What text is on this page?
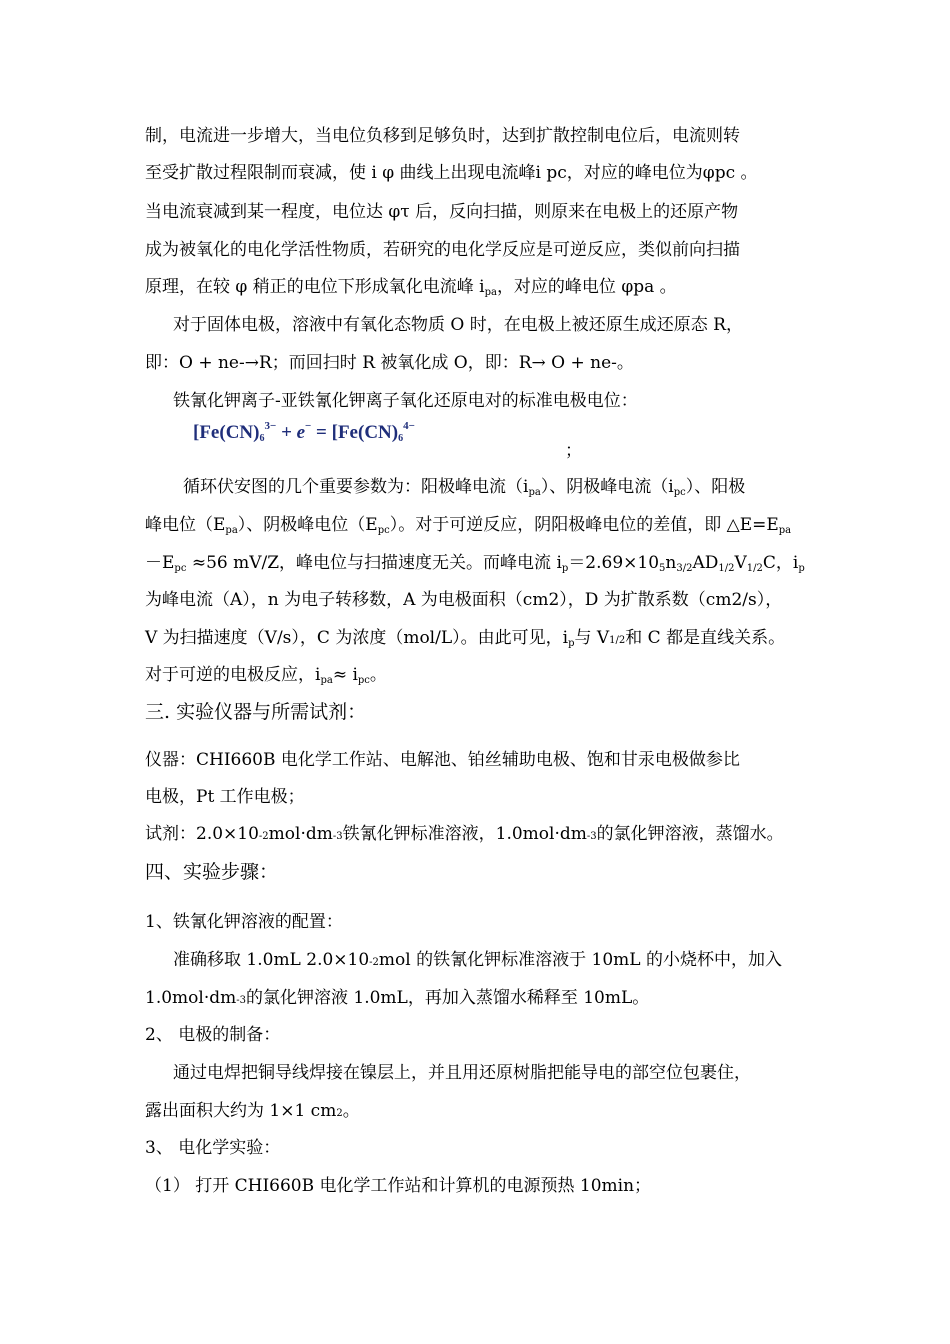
制，电流进一步增大，当电位负移到足够负时，达到扩散控制电位后，电流则转
至受扩散过程限制而衰减，使 i φ 曲线上出现电流峰i pc，对应的峰电位为φpc 。
当电流衰减到某一程度，电位达 φτ 后，反向扫描，则原来在电极上的还原产物
成为被氧化的电化学活性物质，若研究的电化学反应是可逆反应，类似前向扫描
原理，在较 φ 稍正的电位下形成氧化电流峰 $i_{pa}$，对应的峰电位 φpa 。
对于固体电极，溶液中有氧化态物质 O 时，在电极上被还原生成还原态 R，
即：O + ne-→R；而回扫时 R 被氧化成 O，即：R→ O + ne-。
铁氰化钾离子-亚铁氰化钾离子氧化还原电对的标准电极电位：
[$Fe(CN)_6^{3-} + e^- = [Fe(CN)_6^{4-}$
；
循环伏安图的几个重要参数为：阳极峰电流$(i_{pa})$、阴极峰电流$(i_{pc})$、阳极
峰电位$(E_{pa})$、阴极峰电位$(E_{pc})$。对于可逆反应，阴阳极峰电位的差值，即 $\triangle E=E_{pa}$
$-E_{pc} \approx 56$ mV/Z，峰电位与扫描速度无关。而峰电流 $i_p=2.69\times 10_5n_{3/2}AD_{1/2}V_{1/2}C$，$i_p$
为峰电流（A），n 为电子转移数，A 为电极面积（cm2），D 为扩散系数（cm2/s），
V 为扫描速度（V/s），C 为浓度（mol/L）。由此可见，$i_p$与 V1/2和 C 都是直线关系。
对于可逆的电极反应，$i_{pa}\approx i_{pc}$。
三. 实验仪器与所需试剂：
仪器：CHI660B 电化学工作站、电解池、铂丝辅助电极、饱和甘汞电极做参比
电极，Pt 工作电极；
试剂：2.0×10-2mol·dm-3铁氰化钾标准溶液，1.0mol·dm-3的氯化钾溶液，蒸馏水。
四、实验步骤：
1、铁氰化钾溶液的配置：
准确移取 1.0mL 2.0×10-2mol 的铁氰化钾标准溶液于 10mL 的小烧杯中，加入
1.0mol·dm-3的氯化钾溶液 1.0mL，再加入蒸馏水稀释至 10mL。
2、 电极的制备：
通过电焊把铜导线焊接在镍层上，并且用还原树脂把能导电的部空位包裹住，
露出面积大约为 1×1 cm2。
3、 电化学实验：
（1） 打开 CHI660B 电化学工作站和计算机的电源预热 10min；
